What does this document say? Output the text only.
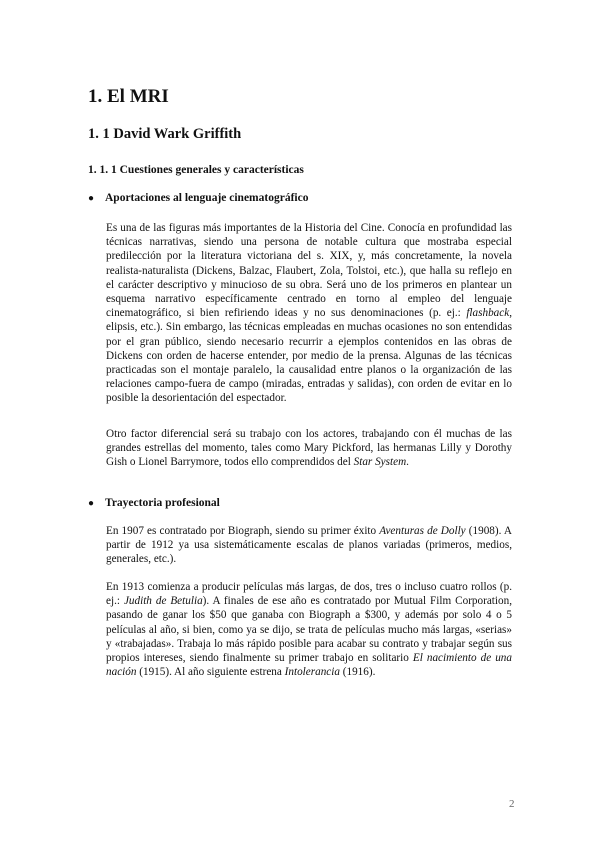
1. El MRI
1. 1 David Wark Griffith
1. 1. 1 Cuestiones generales y características
● Aportaciones al lenguaje cinematográfico

Es una de las figuras más importantes de la Historia del Cine. Conocía en profundidad las técnicas narrativas, siendo una persona de notable cultura que mostraba especial predilección por la literatura victoriana del s. XIX, y, más concretamente, la novela realista-naturalista (Dickens, Balzac, Flaubert, Zola, Tolstoi, etc.), que halla su reflejo en el carácter descriptivo y minucioso de su obra. Será uno de los primeros en plantear un esquema narrativo específicamente centrado en torno al empleo del lenguaje cinematográfico, si bien refiriendo ideas y no sus denominaciones (p. ej.: flashback, elipsis, etc.). Sin embargo, las técnicas empleadas en muchas ocasiones no son entendidas por el gran público, siendo necesario recurrir a ejemplos contenidos en las obras de Dickens con orden de hacerse entender, por medio de la prensa. Algunas de las técnicas practicadas son el montaje paralelo, la causalidad entre planos o la organización de las relaciones campo-fuera de campo (miradas, entradas y salidas), con orden de evitar en lo posible la desorientación del espectador.

Otro factor diferencial será su trabajo con los actores, trabajando con él muchas de las grandes estrellas del momento, tales como Mary Pickford, las hermanas Lilly y Dorothy Gish o Lionel Barrymore, todos ello comprendidos del Star System.

● Trayectoria profesional

En 1907 es contratado por Biograph, siendo su primer éxito Aventuras de Dolly (1908). A partir de 1912 ya usa sistemáticamente escalas de planos variadas (primeros, medios, generales, etc.).

En 1913 comienza a producir películas más largas, de dos, tres o incluso cuatro rollos (p. ej.: Judith de Betulia). A finales de ese año es contratado por Mutual Film Corporation, pasando de ganar los $50 que ganaba con Biograph a $300, y además por solo 4 o 5 películas al año, si bien, como ya se dijo, se trata de películas mucho más largas, «serias» y «trabajadas». Trabaja lo más rápido posible para acabar su contrato y trabajar según sus propios intereses, siendo finalmente su primer trabajo en solitario El nacimiento de una nación (1915). Al año siguiente estrena Intolerancia (1916).

2
